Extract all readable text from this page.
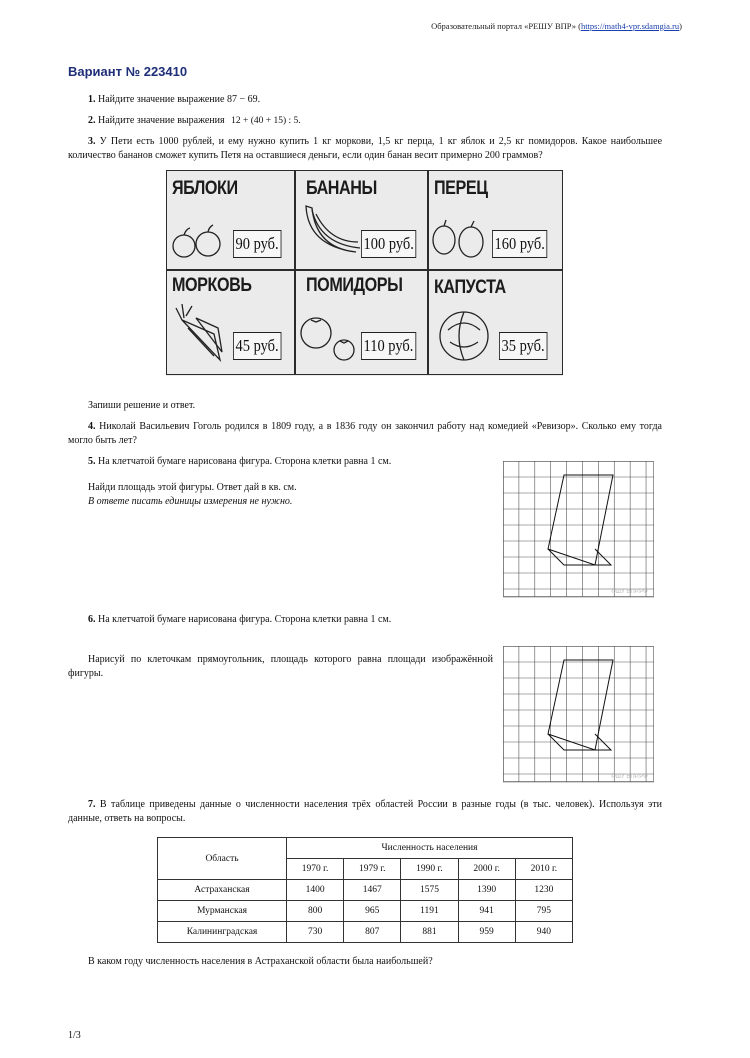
Образовательный портал «РЕШУ ВПР» (https://math4-vpr.sdamgia.ru)
Вариант № 223410
1. Найдите значение выражение 87 − 69.
2. Найдите значение выражения 12 + (40 + 15) : 5.
3. У Пети есть 1000 рублей, и ему нужно купить 1 кг моркови, 1,5 кг перца, 1 кг яблок и 2,5 кг помидоров. Какое наибольшее количество бананов сможет купить Петя на оставшиеся деньги, если один банан весит примерно 200 граммов?
ЯБЛОКИ	БАНАНЫ	ПЕРЕЦ
МОРКОВЬ	ПОМИДОРЫ КАПУСТА
90 руб.	100 руб.	160 руб.
45 руб.	110 руб.	35 руб.
Запиши решение и ответ.
4. Николай Васильевич Гоголь родился в 1809 году, а в 1836 году он закончил работу над комедией «Ревизор». Сколько ему тогда могло быть лет?
5. На клетчатой бумаге нарисована фигура. Сторона клетки равна 1 см.
Найди площадь этой фигуры. Ответ дай в кв. см.
В ответе писать единицы измерения не нужно.
©ШУ ВПР.РФ
6. На клетчатой бумаге нарисована фигура. Сторона клетки равна 1 см.
Нарисуй по клеточкам прямоугольник, площадь которого равна площади изображённой фигуры.
©ШУ ВПР.РФ
7. В таблице приведены данные о численности населения трёх областей России в разные годы (в тыс. человек). Используя эти данные, ответь на вопросы.
Область	Численность населения				
	1970 г.	1979 г.	1990 г.	2000 г.	2010 г.
Астраханская	1400	1467	1575	1390	1230
Мурманская	800	965	1191	941	795
Калининградская	730	807	881	959	940
В каком году численность населения в Астраханской области была наибольшей?
1/3
